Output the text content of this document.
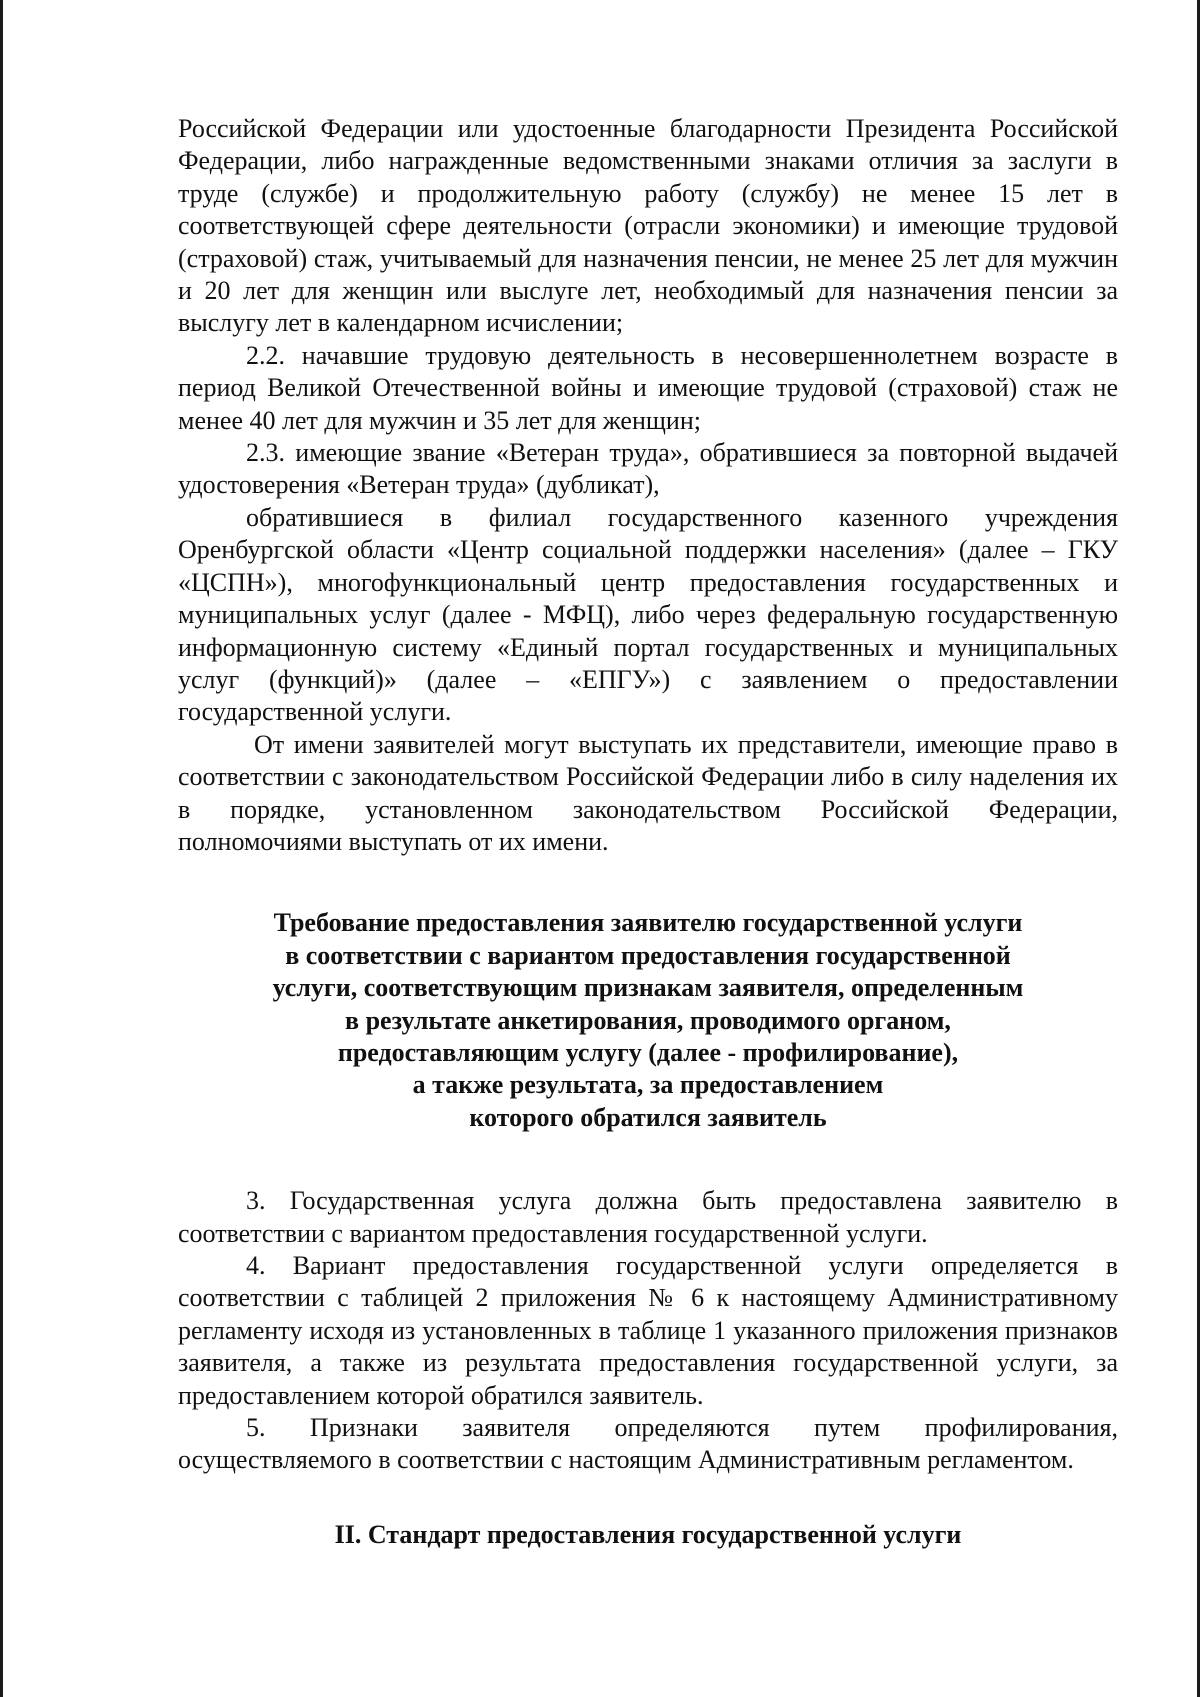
Российской Федерации или удостоенные благодарности Президента Российской Федерации, либо награжденные ведомственными знаками отличия за заслуги в труде (службе) и продолжительную работу (службу) не менее 15 лет в соответствующей сфере деятельности (отрасли экономики) и имеющие трудовой (страховой) стаж, учитываемый для назначения пенсии, не менее 25 лет для мужчин и 20 лет для женщин или выслуге лет, необходимый для назначения пенсии за выслугу лет в календарном исчислении;

2.2. начавшие трудовую деятельность в несовершеннолетнем возрасте в период Великой Отечественной войны и имеющие трудовой (страховой) стаж не менее 40 лет для мужчин и 35 лет для женщин;

2.3. имеющие звание «Ветеран труда», обратившиеся за повторной выдачей удостоверения «Ветеран труда» (дубликат),

обратившиеся в филиал государственного казенного учреждения Оренбургской области «Центр социальной поддержки населения» (далее – ГКУ «ЦСПН»), многофункциональный центр предоставления государственных и муниципальных услуг (далее - МФЦ), либо через федеральную государственную информационную систему «Единый портал государственных и муниципальных услуг (функций)» (далее – «ЕПГУ») с заявлением о предоставлении государственной услуги.

От имени заявителей могут выступать их представители, имеющие право в соответствии с законодательством Российской Федерации либо в силу наделения их в порядке, установленном законодательством Российской Федерации, полномочиями выступать от их имени.

Требование предоставления заявителю государственной услуги
в соответствии с вариантом предоставления государственной
услуги, соответствующим признакам заявителя, определенным
в результате анкетирования, проводимого органом,
предоставляющим услугу (далее - профилирование),
а также результата, за предоставлением
которого обратился заявитель

3. Государственная услуга должна быть предоставлена заявителю в соответствии с вариантом предоставления государственной услуги.

4. Вариант предоставления государственной услуги определяется в соответствии с таблицей 2 приложения № 6 к настоящему Административному регламенту исходя из установленных в таблице 1 указанного приложения признаков заявителя, а также из результата предоставления государственной услуги, за предоставлением которой обратился заявитель.

5. Признаки заявителя определяются путем профилирования, осуществляемого в соответствии с настоящим Административным регламентом.

II. Стандарт предоставления государственной услуги
